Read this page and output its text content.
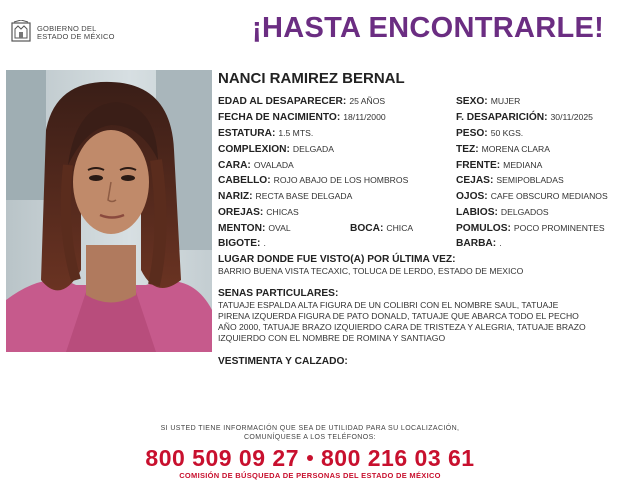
GOBIERNO DEL
ESTADO DE MÉXICO	¡HASTA ENCONTRARLE!
NANCI RAMIREZ BERNAL
EDAD AL DESAPARECER: 25 AÑOS
FECHA DE NACIMIENTO: 18/11/2000
ESTATURA: 1.5 MTS.
COMPLEXION: DELGADA
CARA: OVALADA
CABELLO: ROJO ABAJO DE LOS HOMBROS
NARIZ: RECTA BASE DELGADA
OREJAS: CHICAS
MENTON: OVAL	BOCA: CHICA
BIGOTE: .
SEXO: MUJER
F. DESAPARICIÓN: 30/11/2025
PESO: 50 KGS.
TEZ: MORENA CLARA
FRENTE: MEDIANA
CEJAS: SEMIPOBLADAS
OJOS: CAFE OBSCURO MEDIANOS
LABIOS: DELGADOS
POMULOS: POCO PROMINENTES
BARBA: .
LUGAR DONDE FUE VISTO(A) POR ÚLTIMA VEZ:
BARRIO BUENA VISTA TECAXIC, TOLUCA DE LERDO, ESTADO DE MEXICO
SENAS PARTICULARES:
TATUAJE ESPALDA ALTA FIGURA DE UN COLIBRI CON EL NOMBRE SAUL, TATUAJE
PIRENA IZQUERDA FIGURA DE PATO DONALD, TATUAJE QUE ABARCA TODO EL PECHO
AÑO 2000, TATUAJE BRAZO IZQUIERDO CARA DE TRISTEZA Y ALEGRIA, TATUAJE BRAZO
IZQUIERDO CON EL NOMBRE DE ROMINA Y SANTIAGO
VESTIMENTA Y CALZADO:
SI USTED TIENE INFORMACIÓN QUE SEA DE UTILIDAD PARA SU LOCALIZACIÓN,
COMUNÍQUESE A LOS TELÉFONOS:
800 509 09 27 800 216 03 61
COMISIÓN DE BÚSQUEDA DE PERSONAS DEL ESTADO DE MÉXICO
